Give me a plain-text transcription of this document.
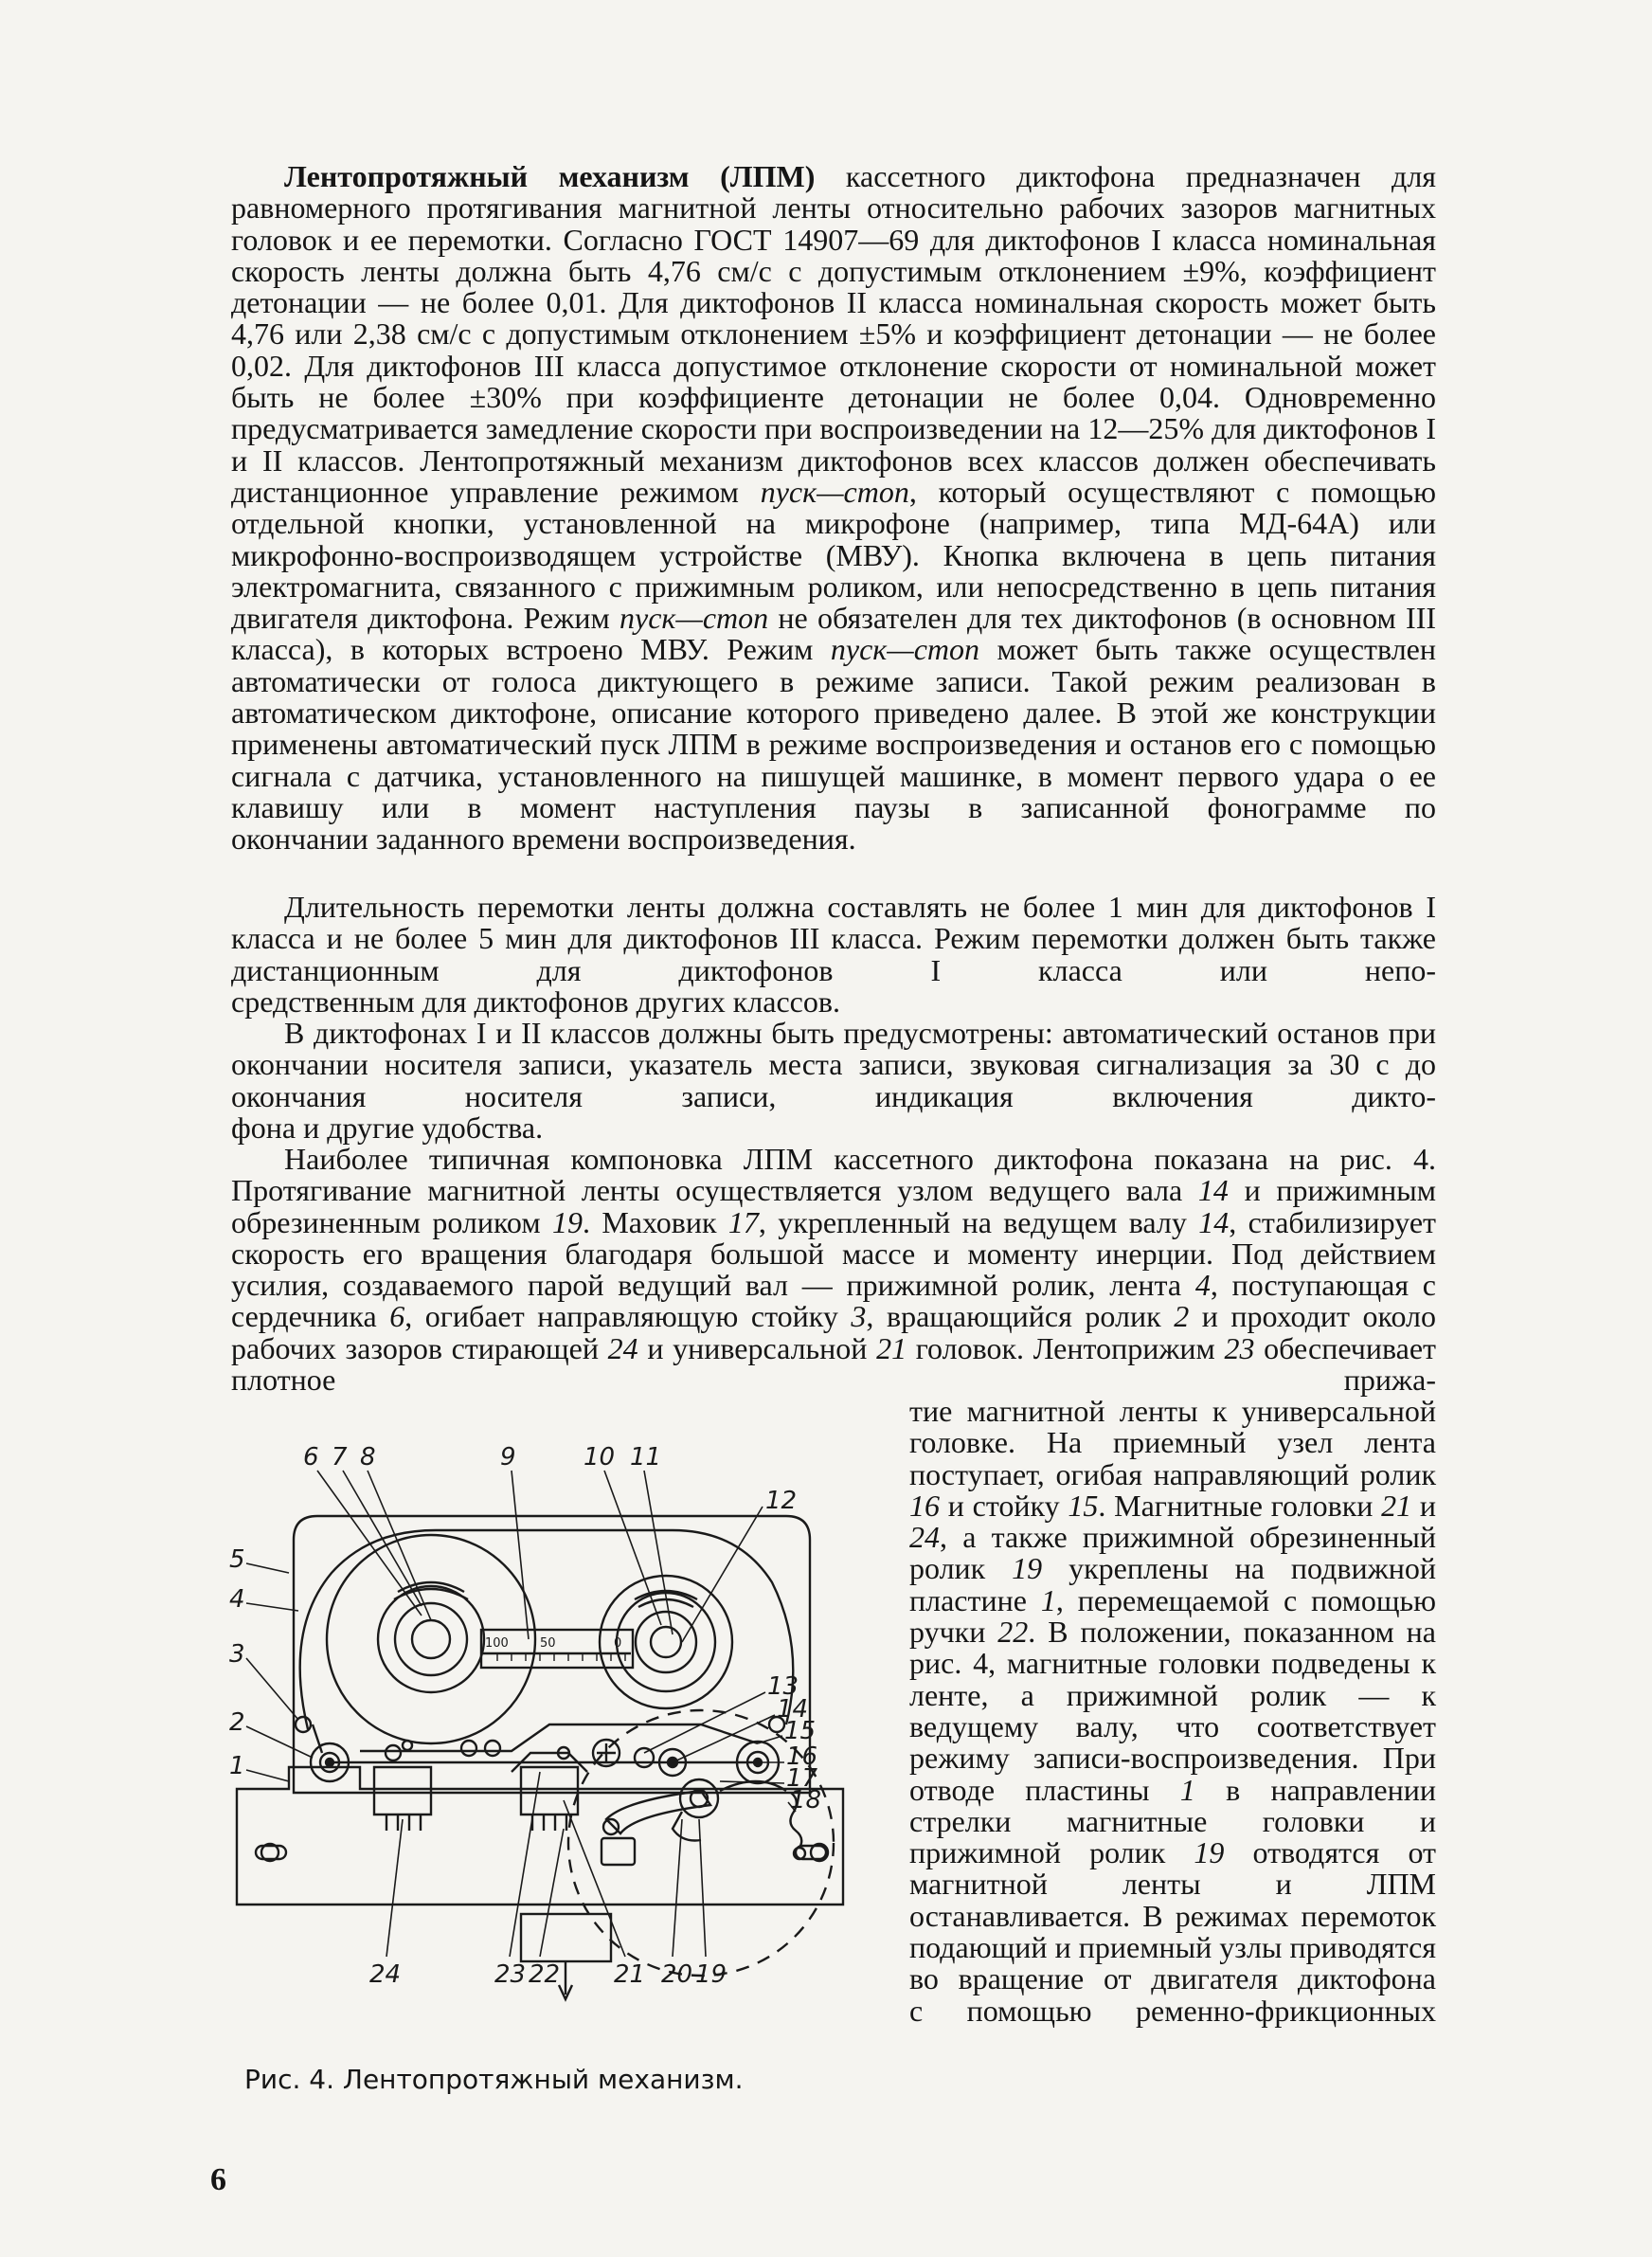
Лентопротяжный механизм (ЛПМ) кассетного диктофона предназначен для равномерного протягивания магнитной ленты относительно рабочих зазоров магнитных головок и ее перемотки. Согласно ГОСТ 14907—69 для диктофонов I класса номинальная скорость ленты должна быть 4,76 см/с с допустимым отклонением ±9%, коэффициент детонации — не более 0,01. Для диктофонов II класса номинальная скорость может быть 4,76 или 2,38 см/с с допустимым отклонением ±5% и коэффициент детонации — не более 0,02. Для диктофонов III класса допустимое отклонение скорости от номинальной может быть не более ±30% при коэффициенте детонации не более 0,04. Одновременно предусматривается замедление скорости при воспроизведении на 12—25% для диктофонов I и II классов. Лентопротяжный механизм диктофонов всех классов должен обеспечивать дистанционное управление режимом пуск—стоп, который осуществляют с помощью отдельной кнопки, установленной на микрофоне (например, типа МД-64А) или микрофонно-воспроизводящем устройстве (МВУ). Кнопка включена в цепь питания электромагнита, связанного с прижимным роликом, или непосредственно в цепь питания двигателя диктофона. Режим пуск—стоп не обязателен для тех диктофонов (в основном III класса), в которых встроено МВУ. Режим пуск—стоп может быть также осуществлен автоматически от голоса диктующего в режиме записи. Такой режим реализован в автоматическом диктофоне, описание которого приведено далее. В этой же конструкции применены автоматический пуск ЛПМ в режиме воспроизведения и останов его с помощью сигнала с датчика, установленного на пишущей машинке, в момент первого удара о ее клавишу или в момент наступления паузы в записанной фонограмме по

окончании заданного времени воспроизведения.

Длительность перемотки ленты должна составлять не более 1 мин для диктофонов I класса и не более 5 мин для диктофонов III класса. Режим перемотки должен быть также дистанционным для диктофонов I класса или непо-

средственным для диктофонов других классов.

В диктофонах I и II классов должны быть предусмотрены: автоматический останов при окончании носителя записи, указатель места записи, звуковая сигнализация за 30 с до окончания носителя записи, индикация включения дикто-

фона и другие удобства.

Наиболее типичная компоновка ЛПМ кассетного диктофона показана на рис. 4. Протягивание магнитной ленты осуществляется узлом ведущего вала 14 и прижимным обрезиненным роликом 19. Маховик 17, укрепленный на ведущем валу 14, стабилизирует скорость его вращения благодаря большой массе и моменту инерции. Под действием усилия, создаваемого парой ведущий вал — прижимной ролик, лента 4, поступающая с сердечника 6, огибает направляющую стойку 3, вращающийся ролик 2 и проходит около рабочих зазоров стирающей 24 и универсальной 21 головок. Лентоприжим 23 обеспечивает плотное прижа-

тие магнитной ленты к универсальной головке. На приемный узел лента поступает, огибая направляющий ролик 16 и стойку 15. Магнитные головки 21 и 24, а также прижимной обрезиненный ролик 19 укреплены на подвижной пластине 1, перемещаемой с помощью ручки 22. В положении, показанном на рис. 4, магнитные головки подведены к ленте, а прижимной ролик — к ведущему валу, что соответствует режиму записи-воспроизведения. При отводе пластины 1 в направлении стрелки магнитные головки и прижимной ролик 19 отводятся от магнитной ленты и ЛПМ останавливается. В режимах перемоток подающий и приемный узлы приводятся во вращение от двигателя диктофона

с помощью ременно-фрикционных
6 7 8	9	10 11
12
13
14
15
16
17
18
5
4
3
2
1
24	23 22 21 20 19
100	50	0

Рис. 4. Лентопротяжный механизм.

6
